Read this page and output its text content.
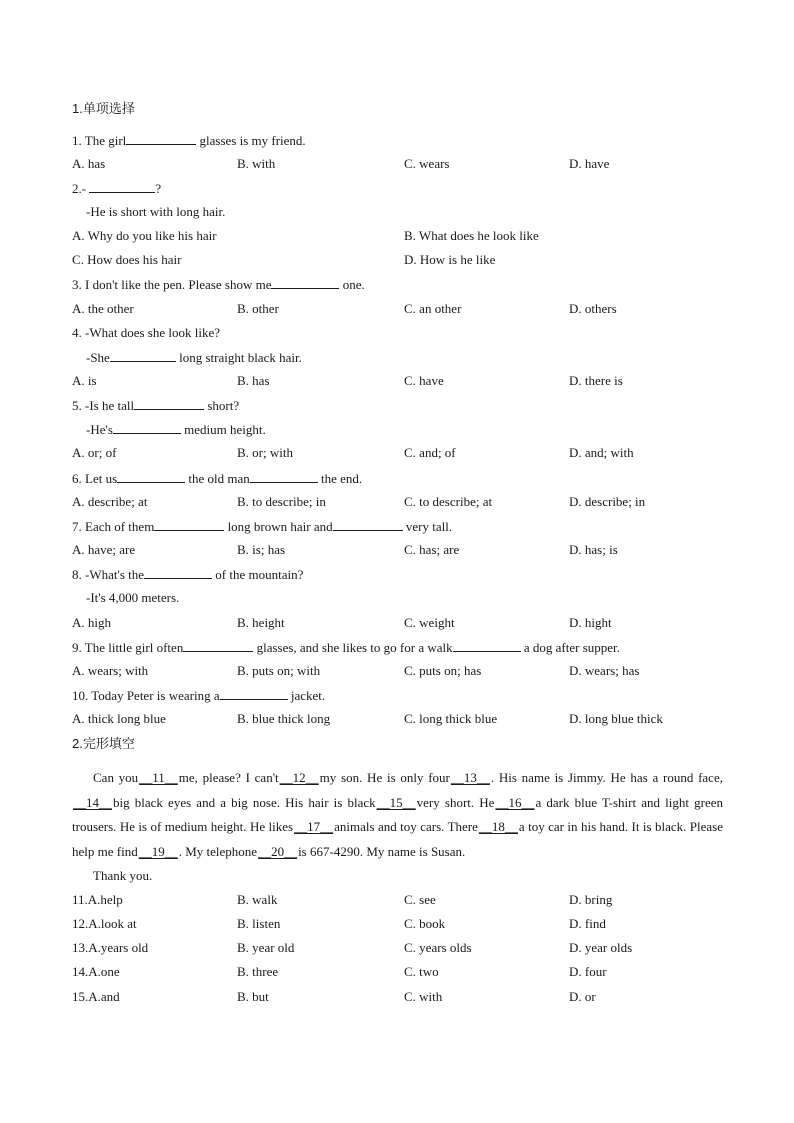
1.单项选择
1. The girl	glasses is my friend.
A. has	B. with	C. wears	D. have
2.-	?
-He is short with long hair.
A. Why do you like his hair	B. What does he look like
C. How does his hair	D. How is he like
3. I don't like the pen. Please show me	one.
A. the other	B. other	C. an other	D. others
4. -What does she look like?
-She	long straight black hair.
A. is	B. has	C. have	D. there is
5. -Is he tall	short?
-He's	medium height.
A. or; of	B. or; with	C. and; of	D. and; with
6. Let us	the old man	the end.
A. describe; at	B. to describe; in	C. to describe; at	D. describe; in
7. Each of them	long brown hair and	very tall.
A. have; are	B. is; has	C. has; are	D. has; is
8. -What's the	of the mountain?
-It's 4,000 meters.
A. high	B. height	C. weight	D. hight
9. The little girl often	glasses, and she likes to go for a walk	a dog after supper.
A. wears; with	B. puts on; with	C. puts on; has	D. wears; has
10. Today Peter is wearing a	jacket.
A. thick long blue	B. blue thick long	C. long thick blue	D. long blue thick
2.完形填空
Can you__11__me, please? I can't__12__my son. He is only four__13__. His name is Jimmy. He has a round face,__14__big black eyes and a big nose. His hair is black__15__very short. He__16__a dark blue T-shirt and light green trousers. He is of medium height. He likes__17__animals and toy cars. There__18__a toy car in his hand. It is black. Please help me find__19__. My telephone__20__is 667-4290. My name is Susan.
Thank you.
11.A.help	B. walk	C. see	D. bring
12.A.look at	B. listen	C. book	D. find
13.A.years old	B. year old	C. years olds	D. year olds
14.A.one	B. three	C. two	D. four
15.A.and	B. but	C. with	D. or
